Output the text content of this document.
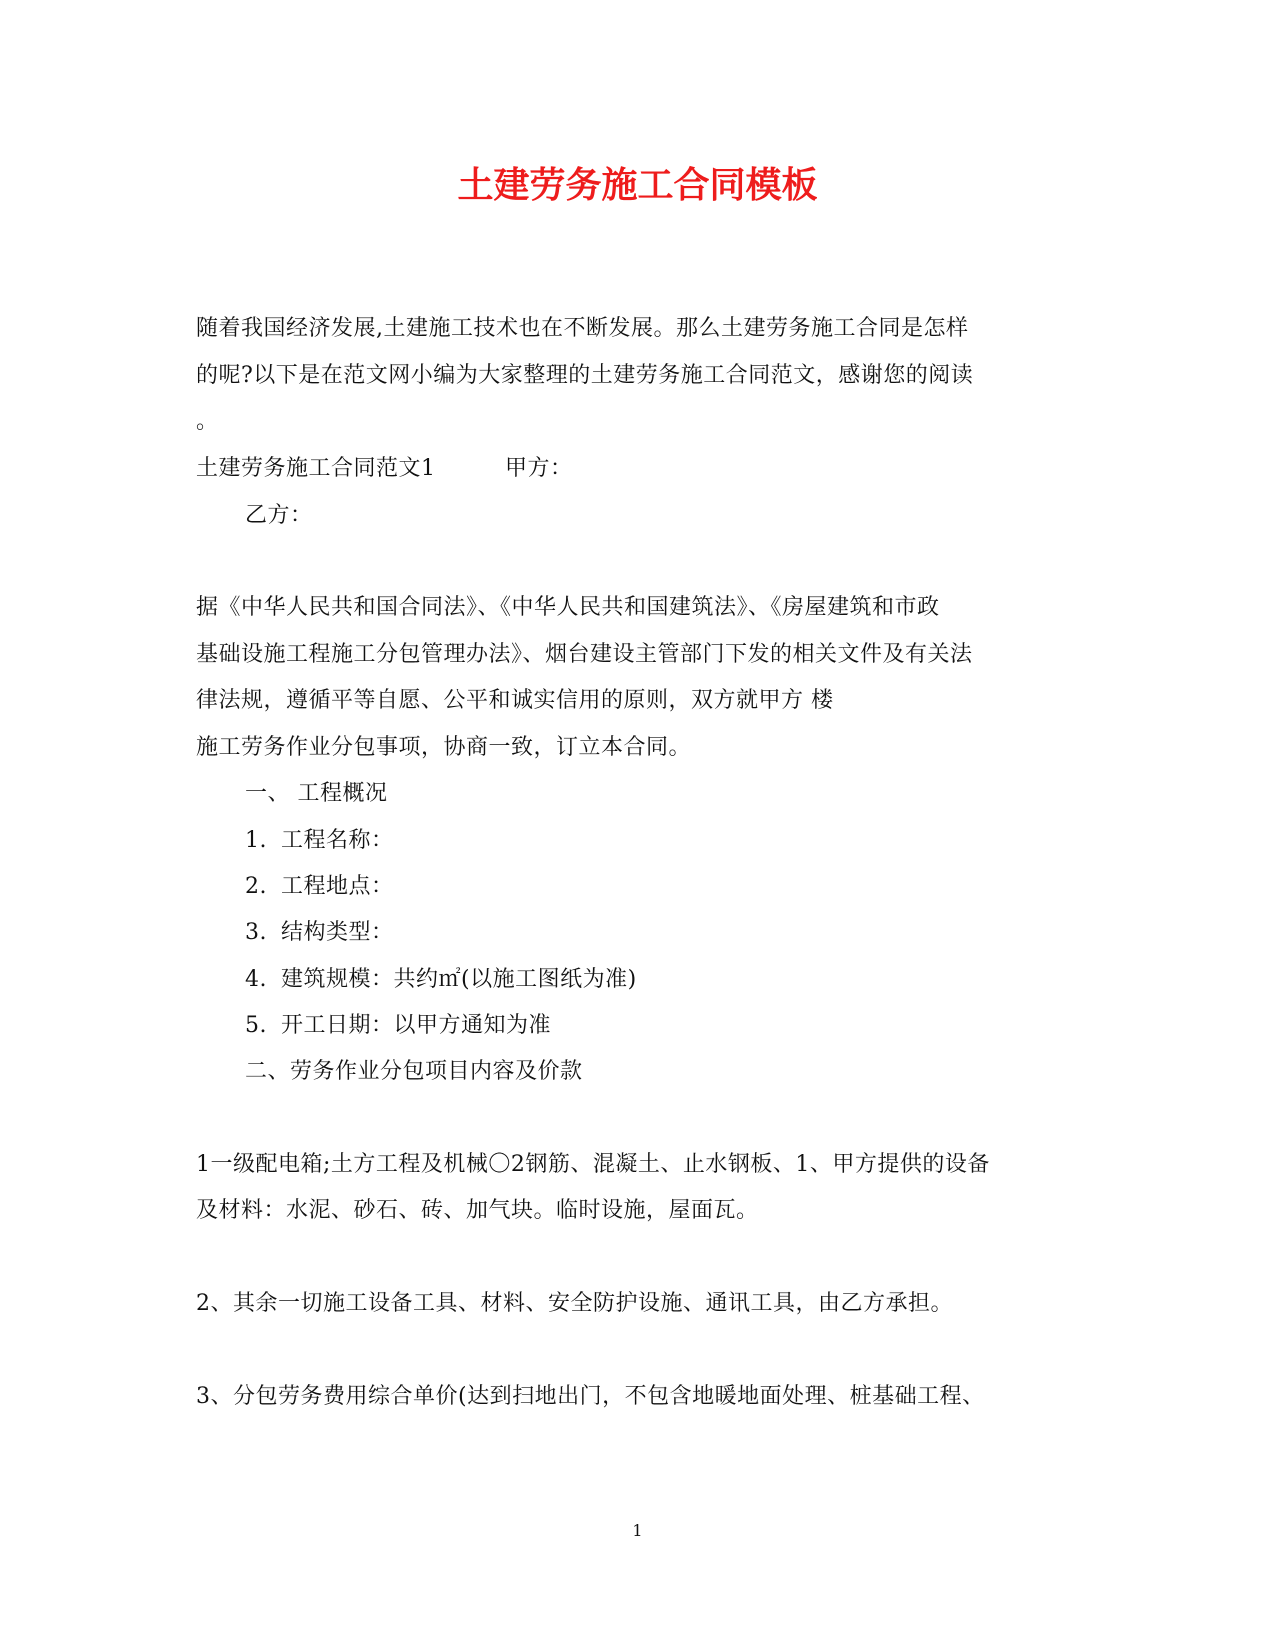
土建劳务施工合同模板
随着我国经济发展,土建施工技术也在不断发展。那么土建劳务施工合同是怎样
的呢?以下是在范文网小编为大家整理的土建劳务施工合同范文，感谢您的阅读
。
土建劳务施工合同范文1	甲方：
乙方：
据《中华人民共和国合同法》、《中华人民共和国建筑法》、《房屋建筑和市政
基础设施工程施工分包管理办法》、烟台建设主管部门下发的相关文件及有关法
律法规，遵循平等自愿、公平和诚实信用的原则，双方就甲方 楼
施工劳务作业分包事项，协商一致，订立本合同。
一、 工程概况
1. 工程名称：
2. 工程地点：
3. 结构类型：
4. 建筑规模：共约㎡(以施工图纸为准)
5. 开工日期：以甲方通知为准
二、劳务作业分包项目内容及价款
1一级配电箱;土方工程及机械〇2钢筋、混凝土、止水钢板、1、甲方提供的设备
及材料：水泥、砂石、砖、加气块。临时设施，屋面瓦。
2、其余一切施工设备工具、材料、安全防护设施、通讯工具，由乙方承担。
3、分包劳务费用综合单价(达到扫地出门，不包含地暖地面处理、桩基础工程、
1
